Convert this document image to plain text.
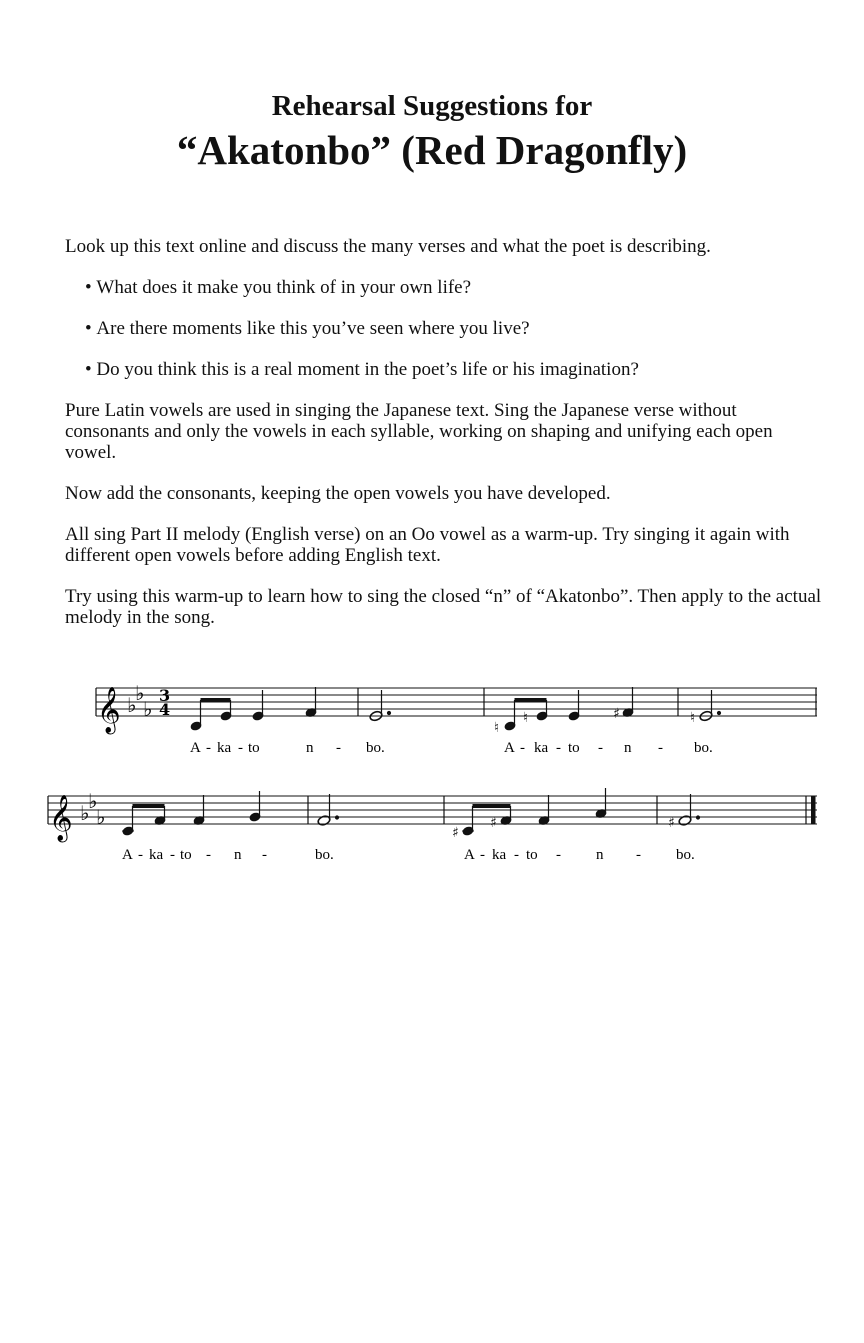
Rehearsal Suggestions for
“Akatonbo” (Red Dragonfly)

Look up this text online and discuss the many verses and what the poet is describing.

• What does it make you think of in your own life?
• Are there moments like this you’ve seen where you live?
• Do you think this is a real moment in the poet’s life or his imagination?

Pure Latin vowels are used in singing the Japanese text. Sing the Japanese verse without consonants and only the vowels in each syllable, working on shaping and unifying each open vowel.

Now add the consonants, keeping the open vowels you have developed.

All sing Part II melody (English verse) on an Oo vowel as a warm-up. Try singing it again with different open vowels before adding English text.

Try using this warm-up to learn how to sing the closed “n” of “Akatonbo”. Then apply to the actual melody in the song.

𝄞 ♭
♭
♭
3
4
♮
♮	♯	♮
A - ka - to	n - bo.	A - ka - to - n - bo.
𝄞 ♭
♭
♭
♯
♯	♯
A - ka - to - n -	bo.	A - ka - to - n - bo.
